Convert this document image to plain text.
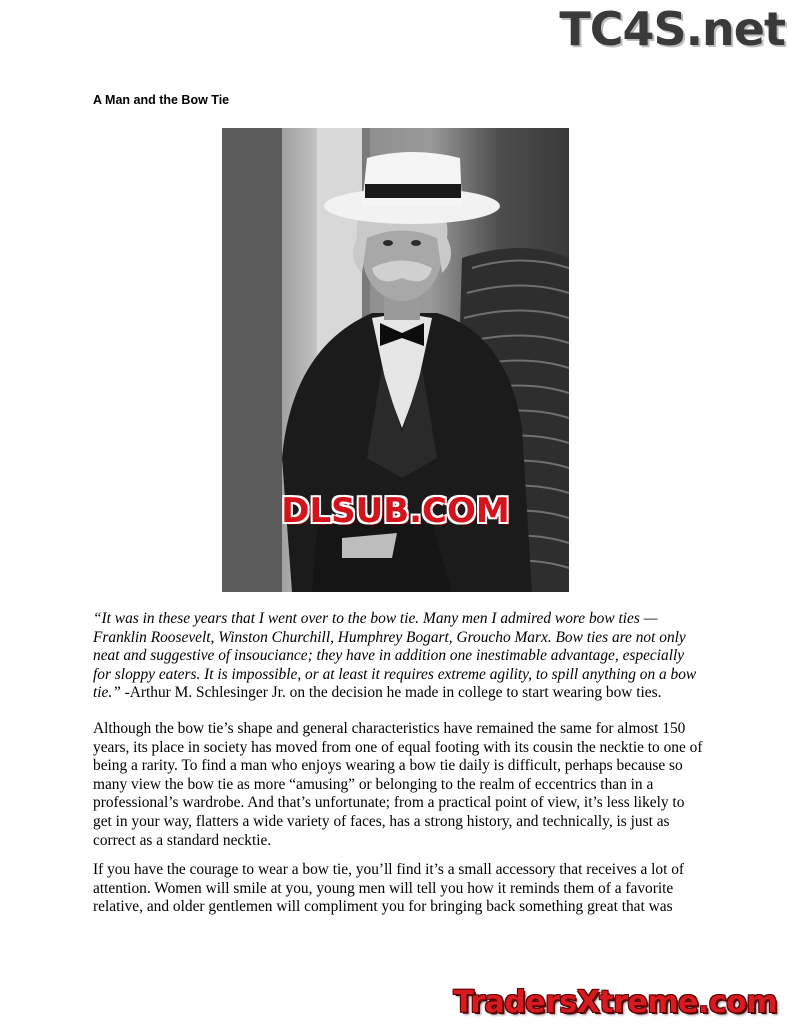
TC4S.net
A Man and the Bow Tie
DLSUB.COM

“It was in these years that I went over to the bow tie. Many men I admired wore bow ties — Franklin Roosevelt, Winston Churchill, Humphrey Bogart, Groucho Marx. Bow ties are not only neat and suggestive of insouciance; they have in addition one inestimable advantage, especially for sloppy eaters. It is impossible, or at least it requires extreme agility, to spill anything on a bow tie.” -Arthur M. Schlesinger Jr. on the decision he made in college to start wearing bow ties.

Although the bow tie’s shape and general characteristics have remained the same for almost 150 years, its place in society has moved from one of equal footing with its cousin the necktie to one of being a rarity. To find a man who enjoys wearing a bow tie daily is difficult, perhaps because so many view the bow tie as more “amusing” or belonging to the realm of eccentrics than in a professional’s wardrobe. And that’s unfortunate; from a practical point of view, it’s less likely to get in your way, flatters a wide variety of faces, has a strong history, and technically, is just as correct as a standard necktie.

If you have the courage to wear a bow tie, you’ll find it’s a small accessory that receives a lot of attention. Women will smile at you, young men will tell you how it reminds them of a favorite relative, and older gentlemen will compliment you for bringing back something great that was

TradersXtreme.com
